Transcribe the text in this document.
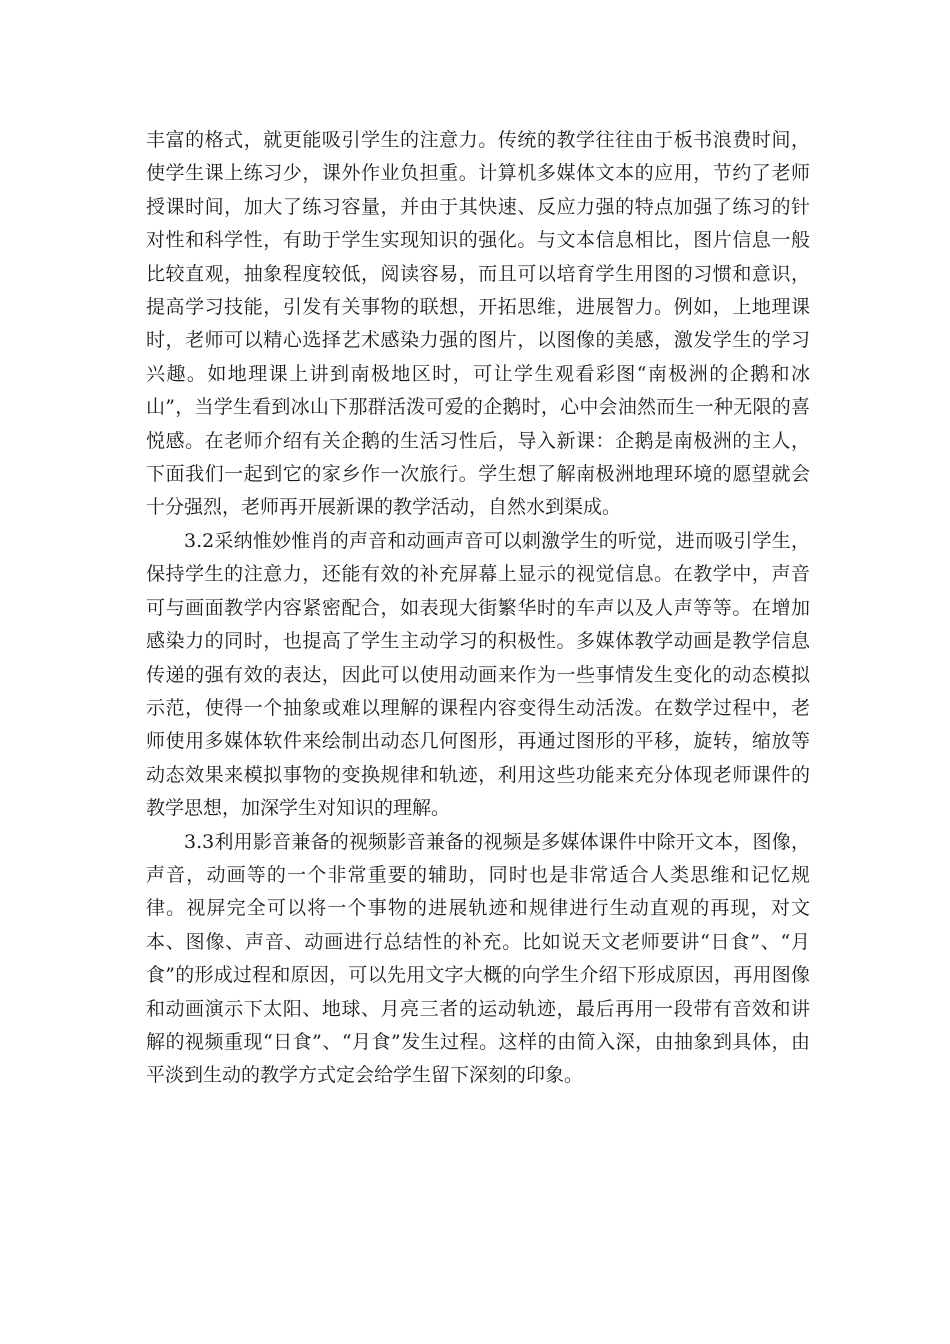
丰富的格式，就更能吸引学生的注意力。传统的教学往往由于板书浪费时间，使学生课上练习少，课外作业负担重。计算机多媒体文本的应用，节约了老师授课时间，加大了练习容量，并由于其快速、反应力强的特点加强了练习的针对性和科学性，有助于学生实现知识的强化。与文本信息相比，图片信息一般比较直观，抽象程度较低，阅读容易，而且可以培育学生用图的习惯和意识，提高学习技能，引发有关事物的联想，开拓思维，进展智力。例如，上地理课时，老师可以精心选择艺术感染力强的图片，以图像的美感，激发学生的学习兴趣。如地理课上讲到南极地区时，可让学生观看彩图“南极洲的企鹅和冰山”，当学生看到冰山下那群活泼可爱的企鹅时，心中会油然而生一种无限的喜悦感。在老师介绍有关企鹅的生活习性后，导入新课：企鹅是南极洲的主人，下面我们一起到它的家乡作一次旅行。学生想了解南极洲地理环境的愿望就会十分强烈，老师再开展新课的教学活动，自然水到渠成。

3.2采纳惟妙惟肖的声音和动画声音可以刺激学生的听觉，进而吸引学生，保持学生的注意力，还能有效的补充屏幕上显示的视觉信息。在教学中，声音可与画面教学内容紧密配合，如表现大街繁华时的车声以及人声等等。在增加感染力的同时，也提高了学生主动学习的积极性。多媒体教学动画是教学信息传递的强有效的表达，因此可以使用动画来作为一些事情发生变化的动态模拟示范，使得一个抽象或难以理解的课程内容变得生动活泼。在数学过程中，老师使用多媒体软件来绘制出动态几何图形，再通过图形的平移，旋转，缩放等动态效果来模拟事物的变换规律和轨迹，利用这些功能来充分体现老师课件的教学思想，加深学生对知识的理解。

3.3利用影音兼备的视频影音兼备的视频是多媒体课件中除开文本，图像，声音，动画等的一个非常重要的辅助，同时也是非常适合人类思维和记忆规律。视屏完全可以将一个事物的进展轨迹和规律进行生动直观的再现，对文本、图像、声音、动画进行总结性的补充。比如说天文老师要讲“日食”、“月食”的形成过程和原因，可以先用文字大概的向学生介绍下形成原因，再用图像和动画演示下太阳、地球、月亮三者的运动轨迹，最后再用一段带有音效和讲解的视频重现“日食”、“月食”发生过程。这样的由简入深，由抽象到具体，由平淡到生动的教学方式定会给学生留下深刻的印象。
